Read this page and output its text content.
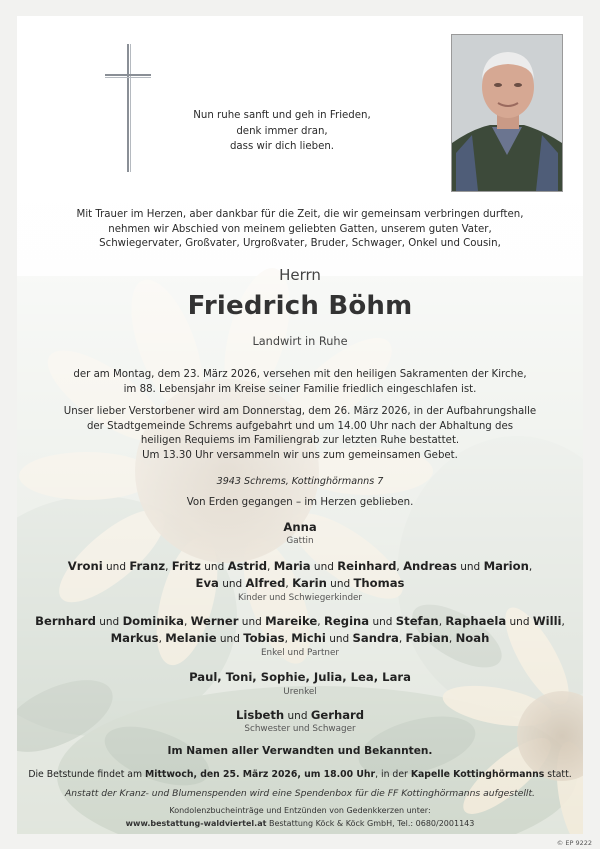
Nun ruhe sanft und geh in Frieden,
denk immer dran,
dass wir dich lieben.
Mit Trauer im Herzen, aber dankbar für die Zeit, die wir gemeinsam verbringen durften,
nehmen wir Abschied von meinem geliebten Gatten, unserem guten Vater,
Schwiegervater, Großvater, Urgroßvater, Bruder, Schwager, Onkel und Cousin,
Herrn
Friedrich Böhm
Landwirt in Ruhe
der am Montag, dem 23. März 2026, versehen mit den heiligen Sakramenten der Kirche,
im 88. Lebensjahr im Kreise seiner Familie friedlich eingeschlafen ist.
Unser lieber Verstorbener wird am Donnerstag, dem 26. März 2026, in der Aufbahrungshalle
der Stadtgemeinde Schrems aufgebahrt und um 14.00 Uhr nach der Abhaltung des
heiligen Requiems im Familiengrab zur letzten Ruhe bestattet.
Um 13.30 Uhr versammeln wir uns zum gemeinsamen Gebet.
3943 Schrems, Kottinghörmanns 7
Von Erden gegangen – im Herzen geblieben.
Anna
Gattin
Vroni und Franz, Fritz und Astrid, Maria und Reinhard, Andreas und Marion,
Eva und Alfred, Karin und Thomas
Kinder und Schwiegerkinder
Bernhard und Dominika, Werner und Mareike, Regina und Stefan, Raphaela und Willi,
Markus, Melanie und Tobias, Michi und Sandra, Fabian, Noah
Enkel und Partner
Paul, Toni, Sophie, Julia, Lea, Lara
Urenkel
Lisbeth und Gerhard
Schwester und Schwager
Im Namen aller Verwandten und Bekannten.
Die Betstunde findet am Mittwoch, den 25. März 2026, um 18.00 Uhr, in der Kapelle Kottinghörmanns statt.
Anstatt der Kranz- und Blumenspenden wird eine Spendenbox für die FF Kottinghörmanns aufgestellt.
Kondolenzbucheinträge und Entzünden von Gedenkkerzen unter:
www.bestattung-waldviertel.at Bestattung Köck & Köck GmbH, Tel.: 0680/2001143
© EP 9222
